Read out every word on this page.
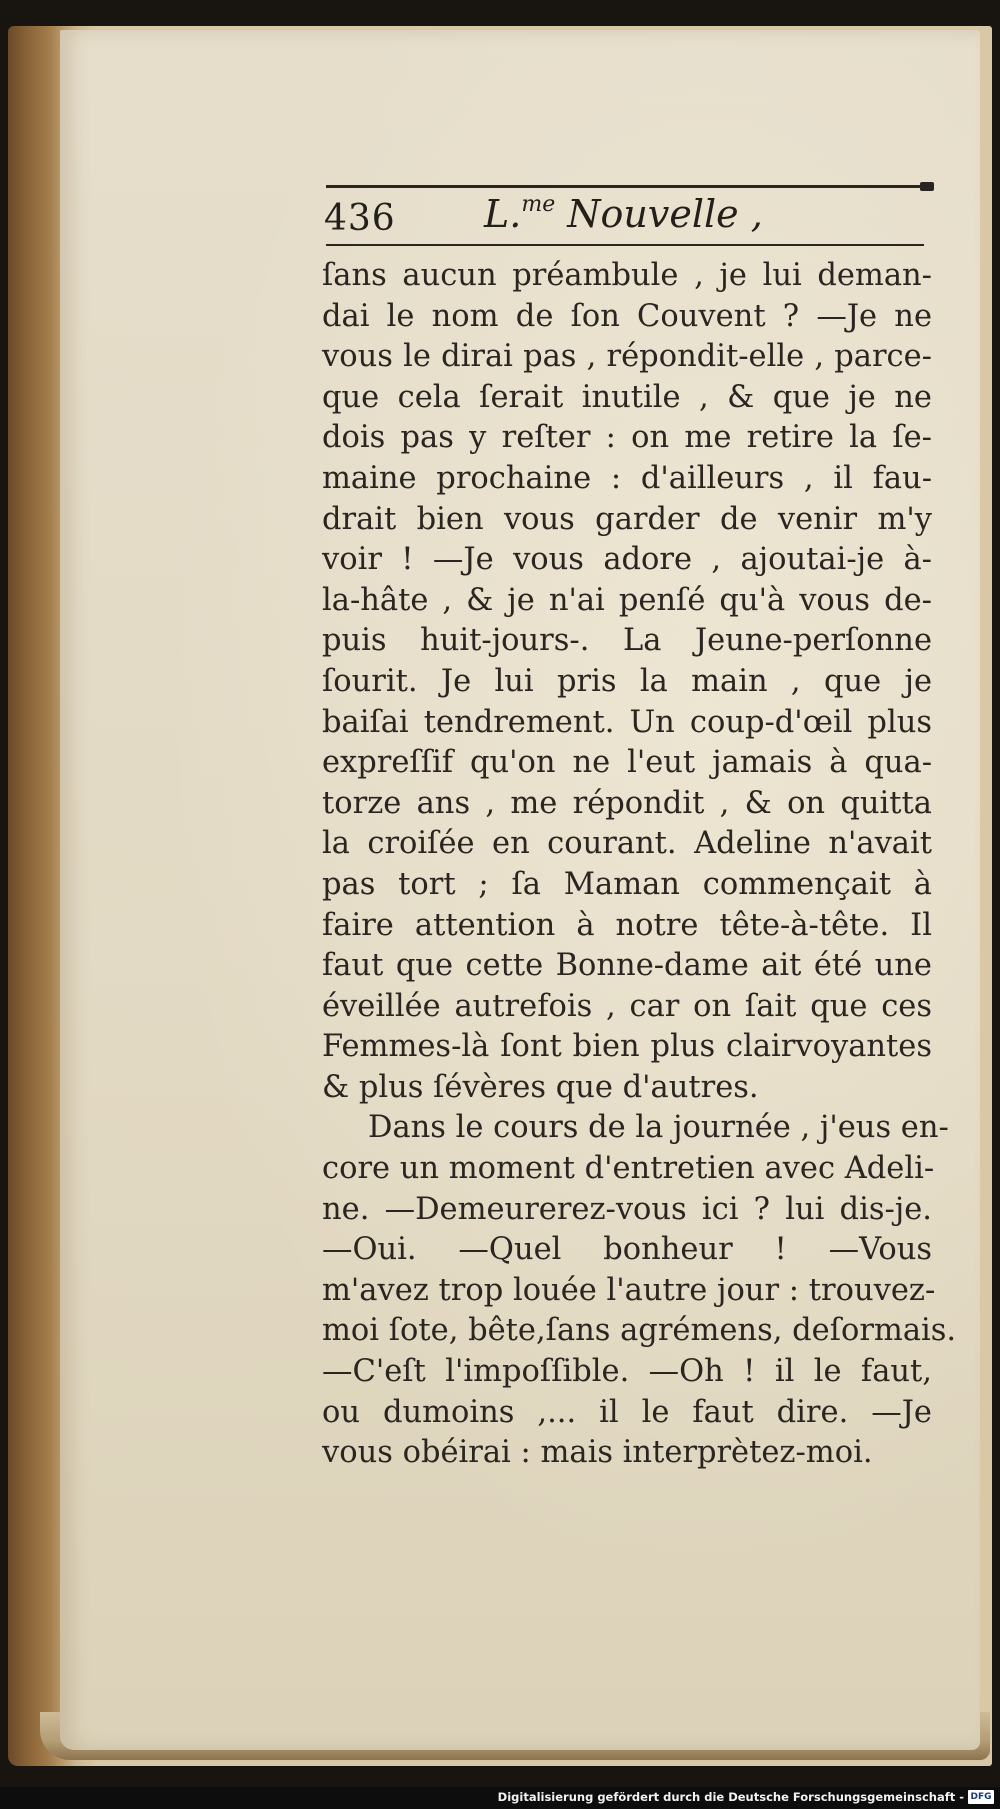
436 L.$^{me}$ Nouvelle ,
ſans aucun préambule , je lui deman-
dai le nom de ſon Couvent ? —Je ne
vous le dirai pas , répondit-elle , parce-
que cela ſerait inutile , & que je ne
dois pas y reſter : on me retire la ſe-
maine prochaine : d'ailleurs , il fau-
drait bien vous garder de venir m'y
voir ! —Je vous adore , ajoutai-je à-
la-hâte , & je n'ai penſé qu'à vous de-
puis huit-jours-. La Jeune-perſonne
ſourit. Je lui pris la main , que je
baiſai tendrement. Un coup-d'œil plus
expreſſif qu'on ne l'eut jamais à qua-
torze ans , me répondit , & on quitta
la croiſée en courant. Adeline n'avait
pas tort ; ſa Maman commençait à
faire attention à notre tête-à-tête. Il
faut que cette Bonne-dame ait été une
éveillée autrefois , car on ſait que ces
Femmes-là ſont bien plus clairvoyantes
& plus ſévères que d'autres.
Dans le cours de la journée , j'eus en-
core un moment d'entretien avec Adeli-
ne. —Demeurerez-vous ici ? lui dis-je.
—Oui. —Quel bonheur ! —Vous
m'avez trop louée l'autre jour : trouvez-
moi ſote, bête,ſans agrémens, deſormais.
—C'eſt l'impoſſible. —Oh ! il le faut,
ou dumoins ,... il le faut dire. —Je
vous obéirai : mais interprètez-moi.
Digitalisierung gefördert durch die Deutsche Forschungsgemeinschaft - DFG
